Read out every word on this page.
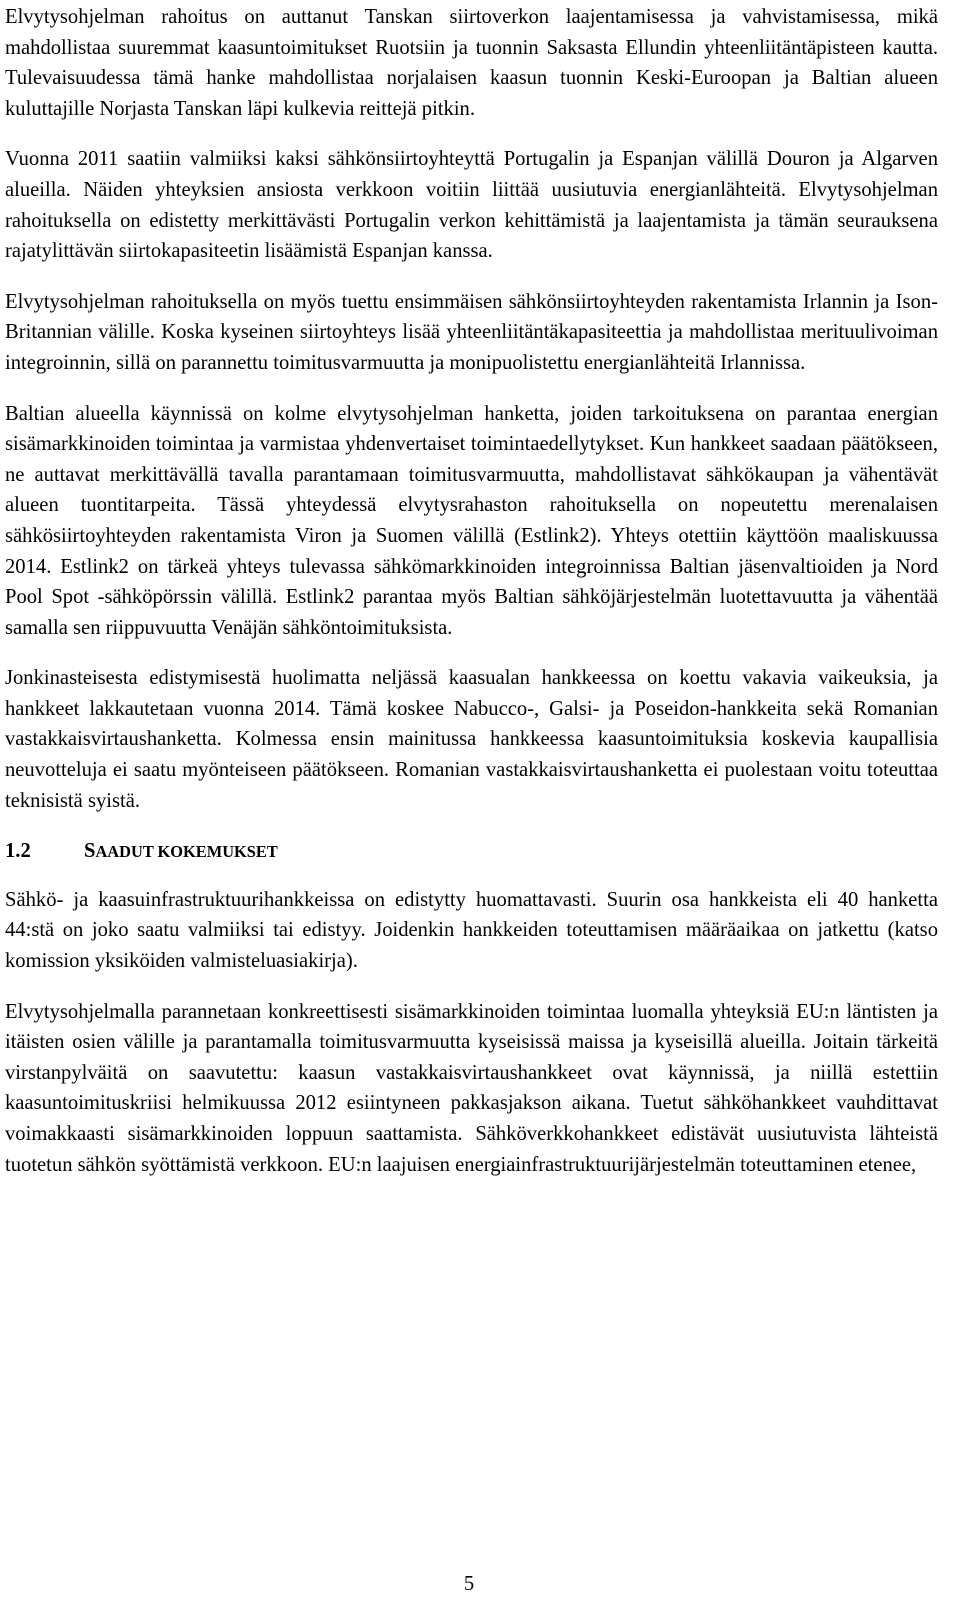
Elvytysohjelman rahoitus on auttanut Tanskan siirtoverkon laajentamisessa ja vahvistamisessa, mikä mahdollistaa suuremmat kaasuntoimitukset Ruotsiin ja tuonnin Saksasta Ellundin yhteenliitäntäpisteen kautta. Tulevaisuudessa tämä hanke mahdollistaa norjalaisen kaasun tuonnin Keski-Euroopan ja Baltian alueen kuluttajille Norjasta Tanskan läpi kulkevia reittejä pitkin.

Vuonna 2011 saatiin valmiiksi kaksi sähkönsiirtoyhteyttä Portugalin ja Espanjan välillä Douron ja Algarven alueilla. Näiden yhteyksien ansiosta verkkoon voitiin liittää uusiutuvia energianlähteitä. Elvytysohjelman rahoituksella on edistetty merkittävästi Portugalin verkon kehittämistä ja laajentamista ja tämän seurauksena rajatylittävän siirtokapasiteetin lisäämistä Espanjan kanssa.

Elvytysohjelman rahoituksella on myös tuettu ensimmäisen sähkönsiirtoyhteyden rakentamista Irlannin ja Ison-Britannian välille. Koska kyseinen siirtoyhteys lisää yhteenliitäntäkapasiteettia ja mahdollistaa merituulivoiman integroinnin, sillä on parannettu toimitusvarmuutta ja monipuolistettu energianlähteitä Irlannissa.

Baltian alueella käynnissä on kolme elvytysohjelman hanketta, joiden tarkoituksena on parantaa energian sisämarkkinoiden toimintaa ja varmistaa yhdenvertaiset toimintaedellytykset. Kun hankkeet saadaan päätökseen, ne auttavat merkittävällä tavalla parantamaan toimitusvarmuutta, mahdollistavat sähkökaupan ja vähentävät alueen tuontitarpeita. Tässä yhteydessä elvytysrahaston rahoituksella on nopeutettu merenalaisen sähkösiirtoyhteyden rakentamista Viron ja Suomen välillä (Estlink2). Yhteys otettiin käyttöön maaliskuussa 2014. Estlink2 on tärkeä yhteys tulevassa sähkömarkkinoiden integroinnissa Baltian jäsenvaltioiden ja Nord Pool Spot -sähköpörssin välillä. Estlink2 parantaa myös Baltian sähköjärjestelmän luotettavuutta ja vähentää samalla sen riippuvuutta Venäjän sähköntoimituksista.

Jonkinasteisesta edistymisestä huolimatta neljässä kaasualan hankkeessa on koettu vakavia vaikeuksia, ja hankkeet lakkautetaan vuonna 2014. Tämä koskee Nabucco-, Galsi- ja Poseidon-hankkeita sekä Romanian vastakkaisvirtaushanketta. Kolmessa ensin mainitussa hankkeessa kaasuntoimituksia koskevia kaupallisia neuvotteluja ei saatu myönteiseen päätökseen. Romanian vastakkaisvirtaushanketta ei puolestaan voitu toteuttaa teknisistä syistä.

1.2	SAADUT KOKEMUKSET

Sähkö- ja kaasuinfrastruktuurihankkeissa on edistytty huomattavasti. Suurin osa hankkeista eli 40 hanketta 44:stä on joko saatu valmiiksi tai edistyy. Joidenkin hankkeiden toteuttamisen määräaikaa on jatkettu (katso komission yksiköiden valmisteluasiakirja).

Elvytysohjelmalla parannetaan konkreettisesti sisämarkkinoiden toimintaa luomalla yhteyksiä EU:n läntisten ja itäisten osien välille ja parantamalla toimitusvarmuutta kyseisissä maissa ja kyseisillä alueilla. Joitain tärkeitä virstanpylväitä on saavutettu: kaasun vastakkaisvirtaushankkeet ovat käynnissä, ja niillä estettiin kaasuntoimituskriisi helmikuussa 2012 esiintyneen pakkasjakson aikana. Tuetut sähköhankkeet vauhdittavat voimakkaasti sisämarkkinoiden loppuun saattamista. Sähköverkkohankkeet edistävät uusiutuvista lähteistä tuotetun sähkön syöttämistä verkkoon. EU:n laajuisen energiainfrastruktuurijärjestelmän toteuttaminen etenee,

5
